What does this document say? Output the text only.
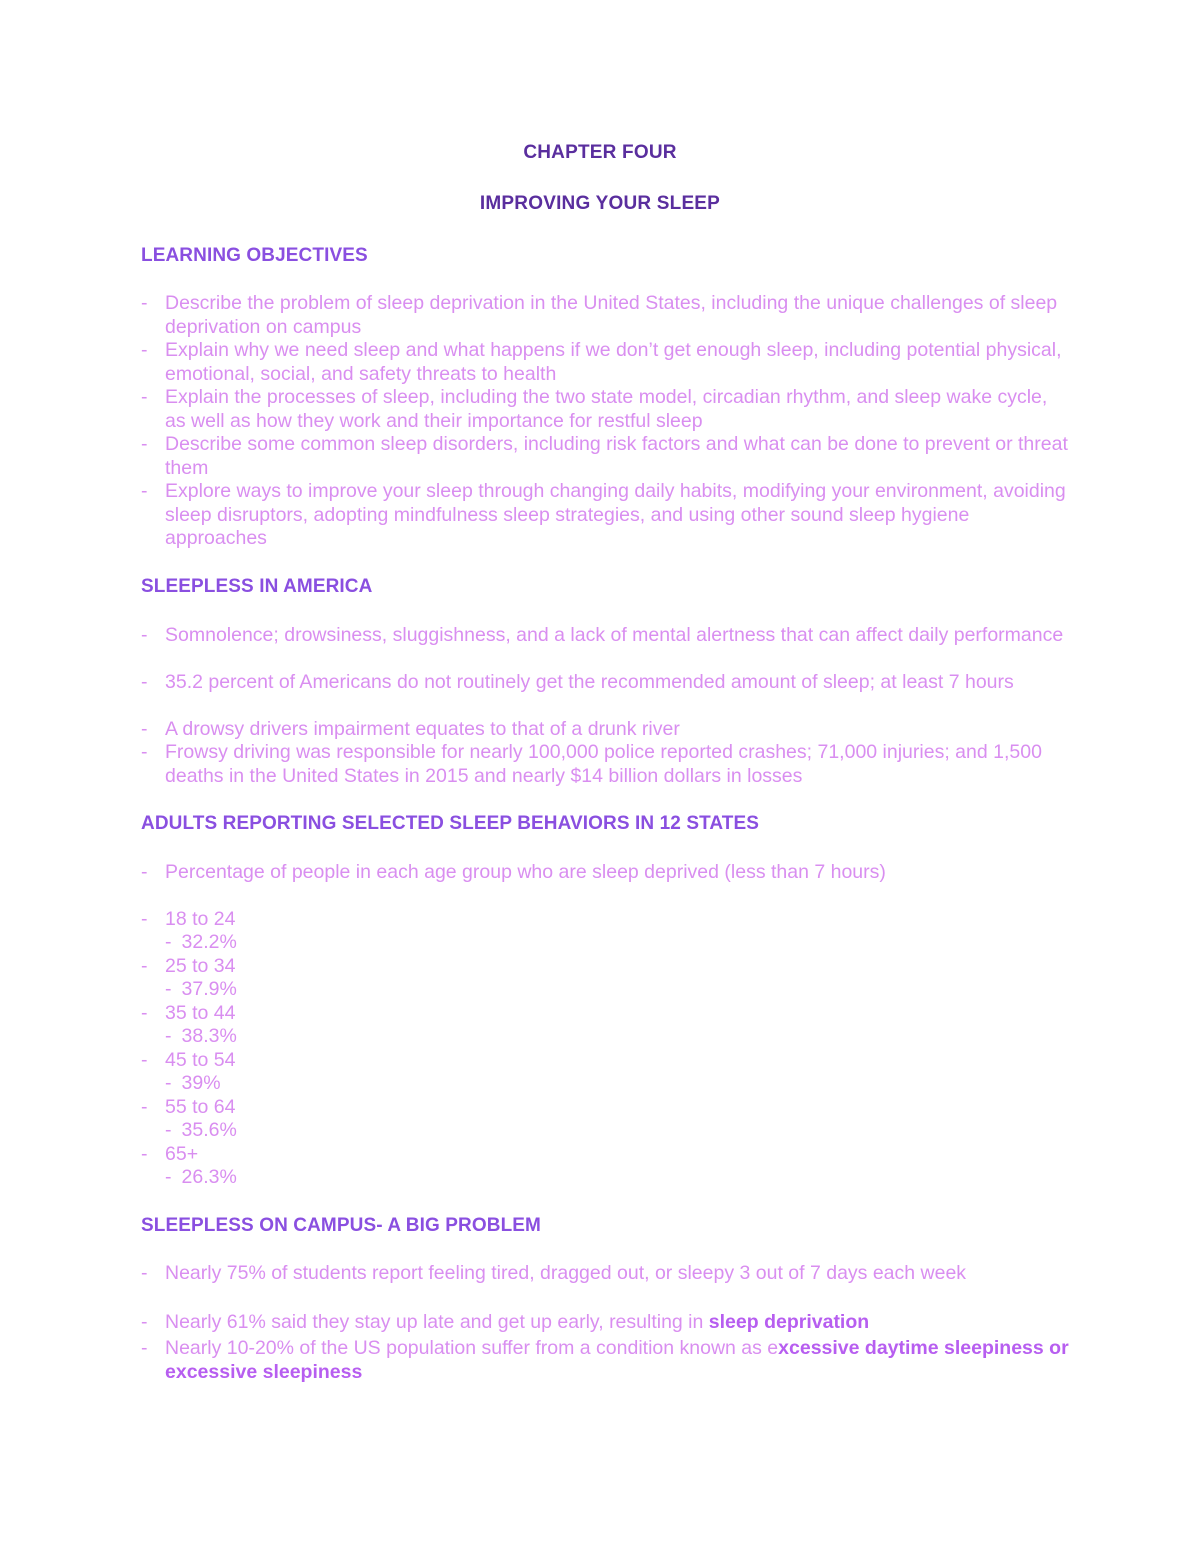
CHAPTER FOUR
IMPROVING YOUR SLEEP
LEARNING OBJECTIVES
- Describe the problem of sleep deprivation in the United States, including the unique challenges of sleep deprivation on campus
- Explain why we need sleep and what happens if we don’t get enough sleep, including potential physical, emotional, social, and safety threats to health
- Explain the processes of sleep, including the two state model, circadian rhythm, and sleep wake cycle, as well as how they work and their importance for restful sleep
- Describe some common sleep disorders, including risk factors and what can be done to prevent or threat them
- Explore ways to improve your sleep through changing daily habits, modifying your environment, avoiding sleep disruptors, adopting mindfulness sleep strategies, and using other sound sleep hygiene approaches
SLEEPLESS IN AMERICA
- Somnolence; drowsiness, sluggishness, and a lack of mental alertness that can affect daily performance
- 35.2 percent of Americans do not routinely get the recommended amount of sleep; at least 7 hours
- A drowsy drivers impairment equates to that of a drunk river
- Frowsy driving was responsible for nearly 100,000 police reported crashes; 71,000 injuries; and 1,500 deaths in the United States in 2015 and nearly $14 billion dollars in losses
ADULTS REPORTING SELECTED SLEEP BEHAVIORS IN 12 STATES
- Percentage of people in each age group who are sleep deprived (less than 7 hours)
- 18 to 24
- 32.2%
- 25 to 34
- 37.9%
- 35 to 44
- 38.3%
- 45 to 54
- 39%
- 55 to 64
- 35.6%
- 65+
- 26.3%
SLEEPLESS ON CAMPUS- A BIG PROBLEM
- Nearly 75% of students report feeling tired, dragged out, or sleepy 3 out of 7 days each week
- Nearly 61% said they stay up late and get up early, resulting in sleep deprivation
- Nearly 10-20% of the US population suffer from a condition known as excessive daytime sleepiness or excessive sleepiness
